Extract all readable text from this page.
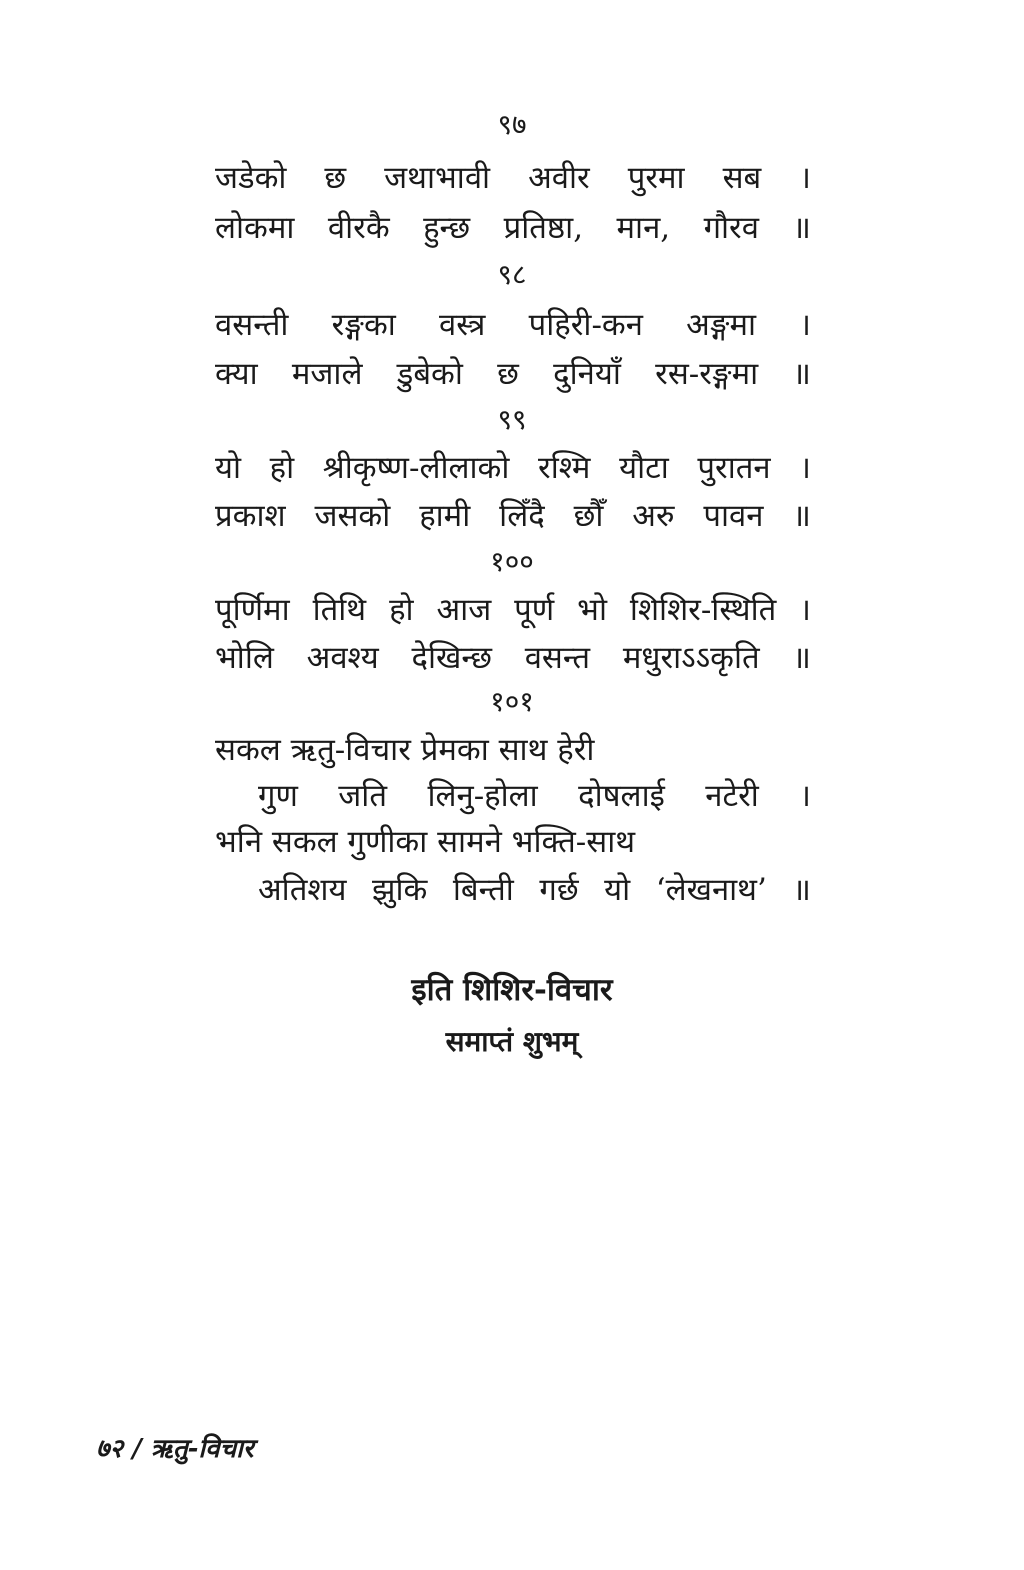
९७
जडेको छ जथाभावी अवीर पुरमा सब ।
लोकमा वीरकै हुन्छ प्रतिष्ठा, मान, गौरव ॥
९८
वसन्ती रङ्गका वस्त्र पहिरी-कन अङ्गमा ।
क्या मजाले डुबेको छ दुनियाँ रस-रङ्गमा ॥
९९
यो हो श्रीकृष्ण-लीलाको रश्मि यौटा पुरातन ।
प्रकाश जसको हामी लिँदै छौँ अरु पावन ॥
१००
पूर्णिमा तिथि हो आज पूर्ण भो शिशिर-स्थिति ।
भोलि अवश्य देखिन्छ वसन्त मधुराऽऽकृति ॥
१०१
सकल ऋतु-विचार प्रेमका साथ हेरी
गुण जति लिनु-होला दोषलाई नटेरी ।
भनि सकल गुणीका सामने भक्ति-साथ
अतिशय झुकि बिन्ती गर्छ यो ‘लेखनाथ’ ॥
इति शिशिर-विचार
समाप्तं शुभम्
७२ / ऋतु-विचार
